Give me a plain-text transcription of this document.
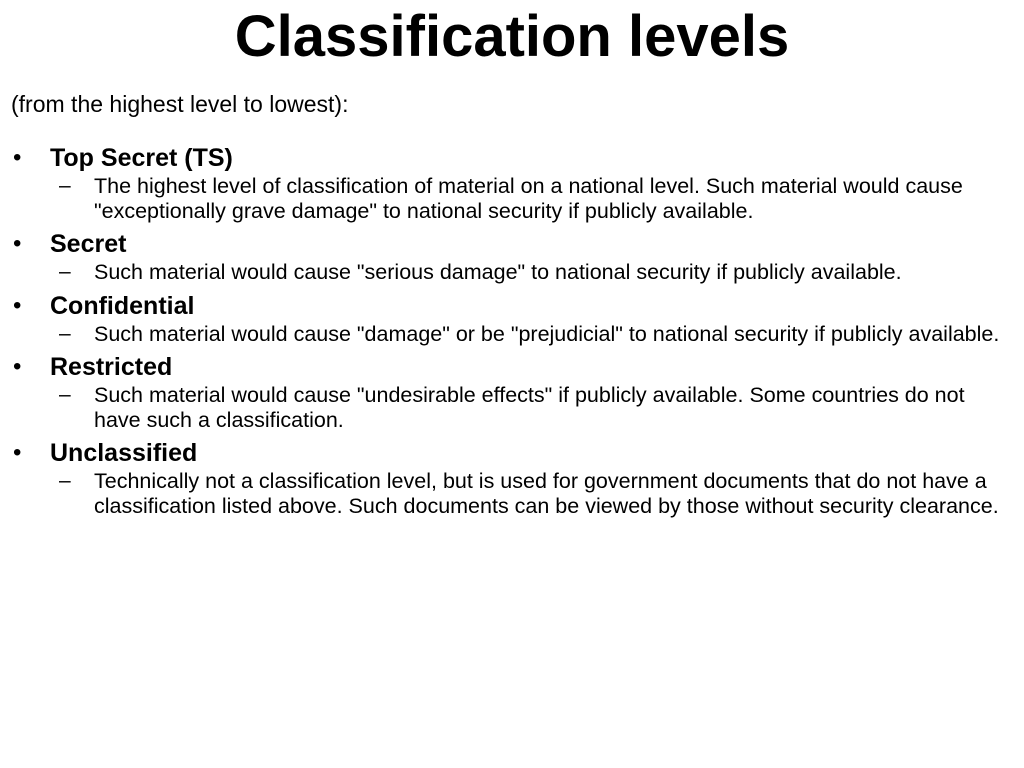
Classification levels

(from the highest level to lowest):

• Top Secret (TS)
– The highest level of classification of material on a national level. Such material would cause "exceptionally grave damage" to national security if publicly available.
• Secret
– Such material would cause "serious damage" to national security if publicly available.
• Confidential
– Such material would cause "damage" or be "prejudicial" to national security if publicly available.
• Restricted
– Such material would cause "undesirable effects" if publicly available. Some countries do not have such a classification.
• Unclassified
– Technically not a classification level, but is used for government documents that do not have a classification listed above. Such documents can be viewed by those without security clearance.
